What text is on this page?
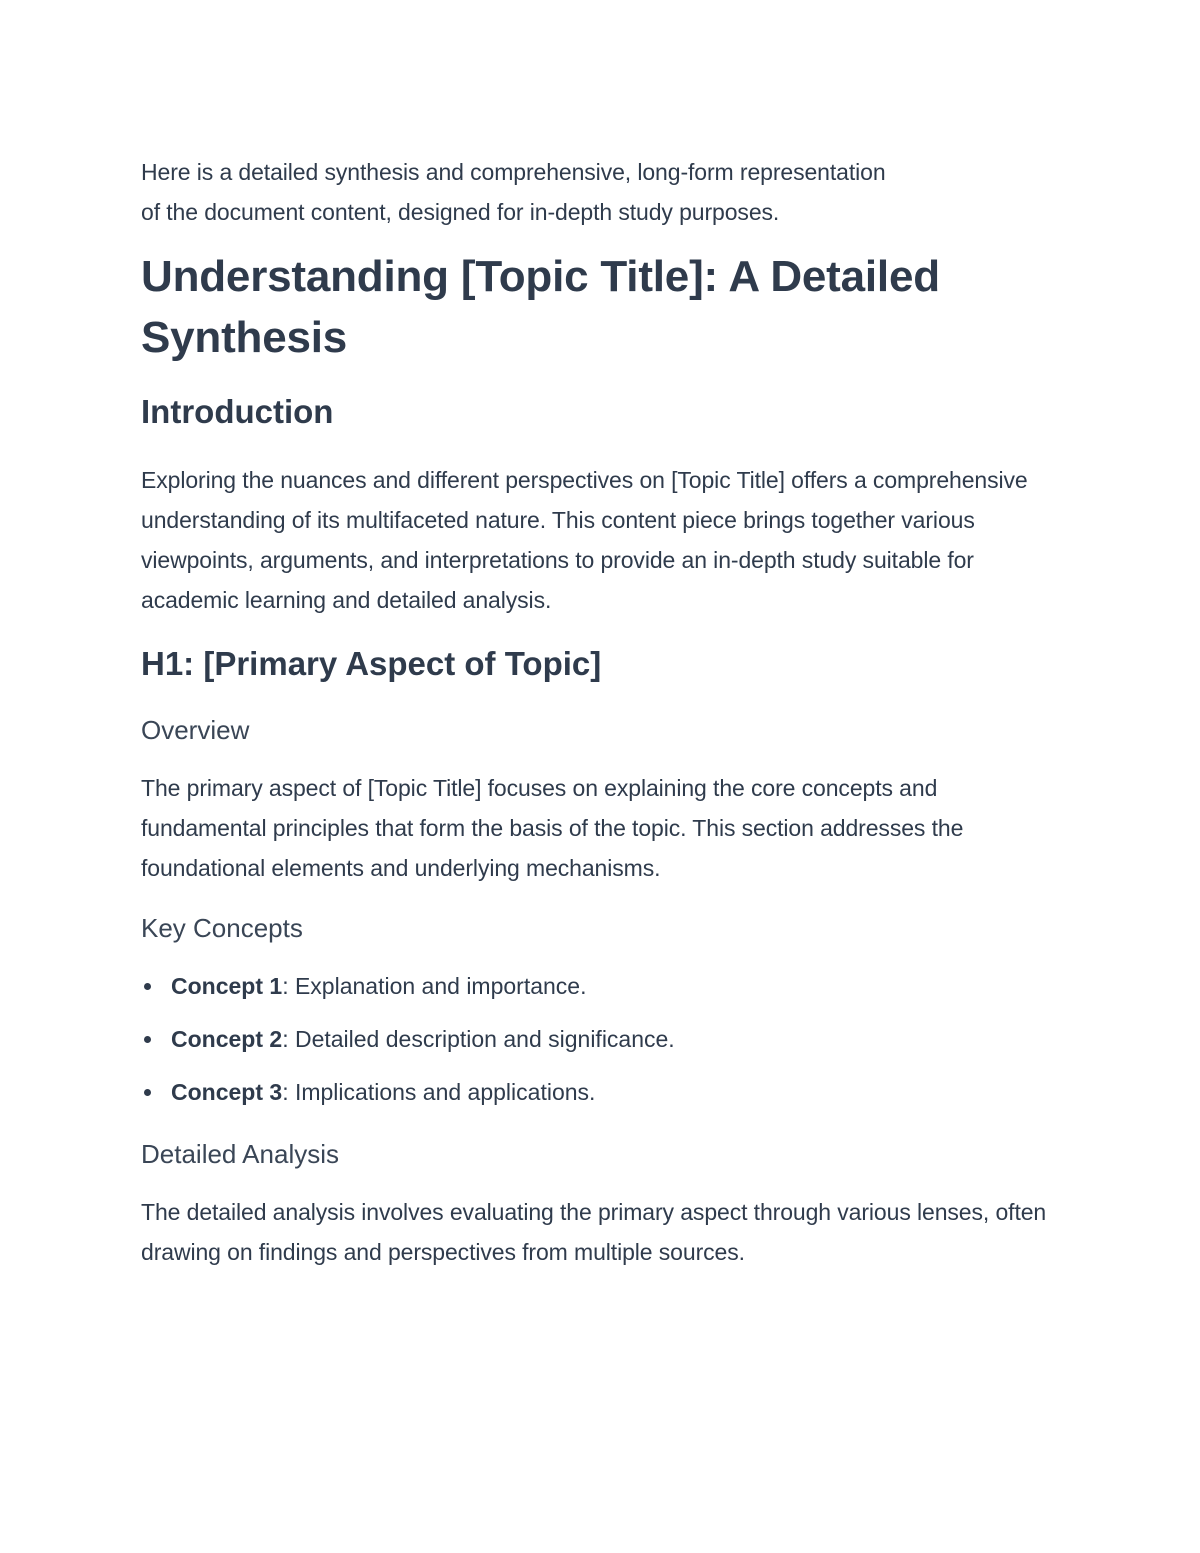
Here is a detailed synthesis and comprehensive, long-form representation
of the document content, designed for in-depth study purposes.
Understanding [Topic Title]: A Detailed Synthesis
Introduction

Exploring the nuances and different perspectives on [Topic Title] offers a comprehensive understanding of its multifaceted nature. This content piece brings together various viewpoints, arguments, and interpretations to provide an in-depth study suitable for academic learning and detailed analysis.

H1: [Primary Aspect of Topic]
Overview

The primary aspect of [Topic Title] focuses on explaining the core concepts and fundamental principles that form the basis of the topic. This section addresses the foundational elements and underlying mechanisms.

Key Concepts
Concept 1: Explanation and importance.
Concept 2: Detailed description and significance.
Concept 3: Implications and applications.
Detailed Analysis

The detailed analysis involves evaluating the primary aspect through various lenses, often drawing on findings and perspectives from multiple sources.
